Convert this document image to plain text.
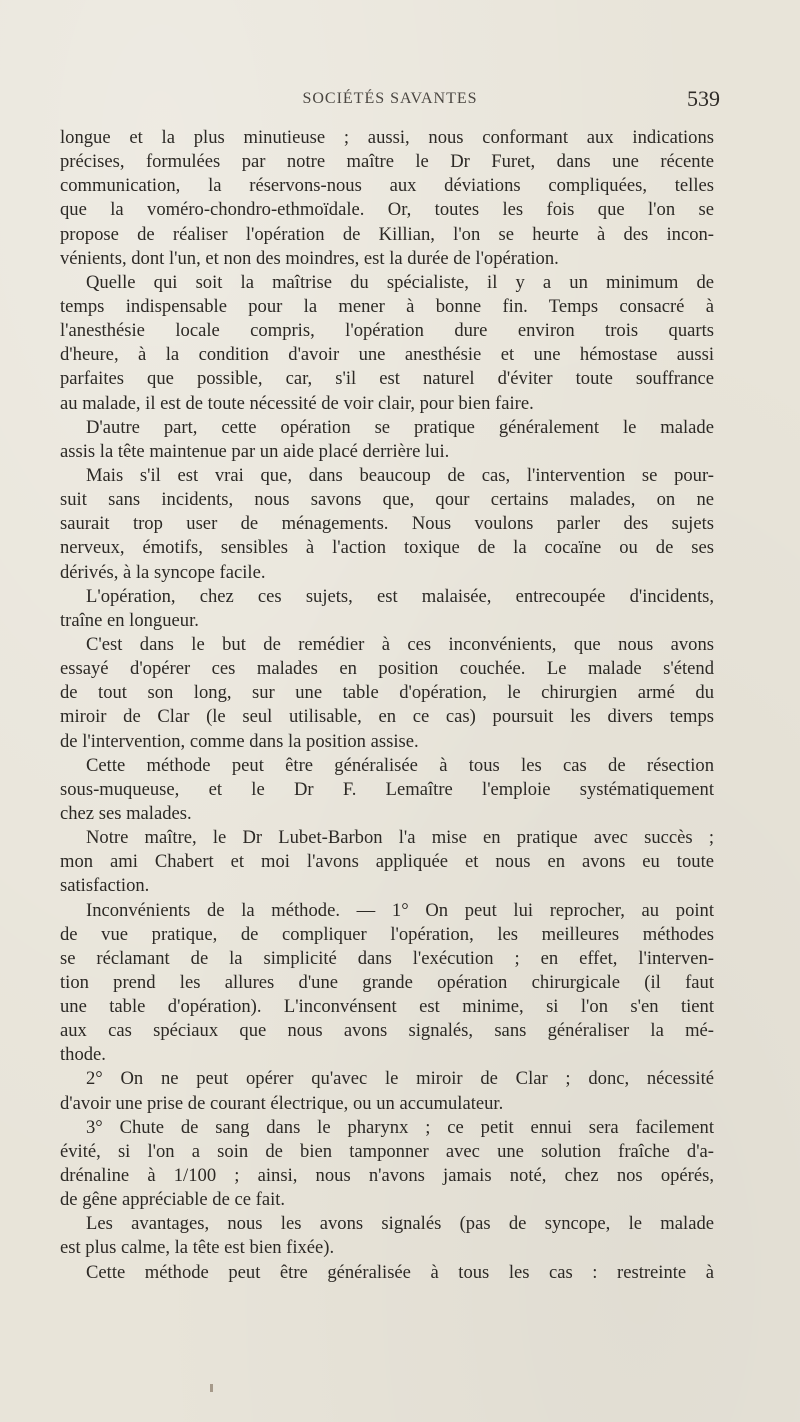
SOCIÉTÉS SAVANTES	539
longue et la plus minutieuse ; aussi, nous conformant aux indications
précises, formulées par notre maître le Dr Furet, dans une récente
communication, la réservons-nous aux déviations compliquées, telles
que la voméro-chondro-ethmoïdale. Or, toutes les fois que l'on se
propose de réaliser l'opération de Killian, l'on se heurte à des incon-
vénients, dont l'un, et non des moindres, est la durée de l'opération.
Quelle qui soit la maîtrise du spécialiste, il y a un minimum de
temps indispensable pour la mener à bonne fin. Temps consacré à
l'anesthésie locale compris, l'opération dure environ trois quarts
d'heure, à la condition d'avoir une anesthésie et une hémostase aussi
parfaites que possible, car, s'il est naturel d'éviter toute souffrance
au malade, il est de toute nécessité de voir clair, pour bien faire.
D'autre part, cette opération se pratique généralement le malade
assis la tête maintenue par un aide placé derrière lui.
Mais s'il est vrai que, dans beaucoup de cas, l'intervention se pour-
suit sans incidents, nous savons que, qour certains malades, on ne
saurait trop user de ménagements. Nous voulons parler des sujets
nerveux, émotifs, sensibles à l'action toxique de la cocaïne ou de ses
dérivés, à la syncope facile.
L'opération, chez ces sujets, est malaisée, entrecoupée d'incidents,
traîne en longueur.
C'est dans le but de remédier à ces inconvénients, que nous avons
essayé d'opérer ces malades en position couchée. Le malade s'étend
de tout son long, sur une table d'opération, le chirurgien armé du
miroir de Clar (le seul utilisable, en ce cas) poursuit les divers temps
de l'intervention, comme dans la position assise.
Cette méthode peut être généralisée à tous les cas de résection
sous-muqueuse, et le Dr F. Lemaître l'emploie systématiquement
chez ses malades.
Notre maître, le Dr Lubet-Barbon l'a mise en pratique avec succès ;
mon ami Chabert et moi l'avons appliquée et nous en avons eu toute
satisfaction.
Inconvénients de la méthode. — 1° On peut lui reprocher, au point
de vue pratique, de compliquer l'opération, les meilleures méthodes
se réclamant de la simplicité dans l'exécution ; en effet, l'interven-
tion prend les allures d'une grande opération chirurgicale (il faut
une table d'opération). L'inconvénsent est minime, si l'on s'en tient
aux cas spéciaux que nous avons signalés, sans généraliser la mé-
thode.
2° On ne peut opérer qu'avec le miroir de Clar ; donc, nécessité
d'avoir une prise de courant électrique, ou un accumulateur.
3° Chute de sang dans le pharynx ; ce petit ennui sera facilement
évité, si l'on a soin de bien tamponner avec une solution fraîche d'a-
drénaline à 1/100 ; ainsi, nous n'avons jamais noté, chez nos opérés,
de gêne appréciable de ce fait.
Les avantages, nous les avons signalés (pas de syncope, le malade
est plus calme, la tête est bien fixée).
Cette méthode peut être généralisée à tous les cas : restreinte à
